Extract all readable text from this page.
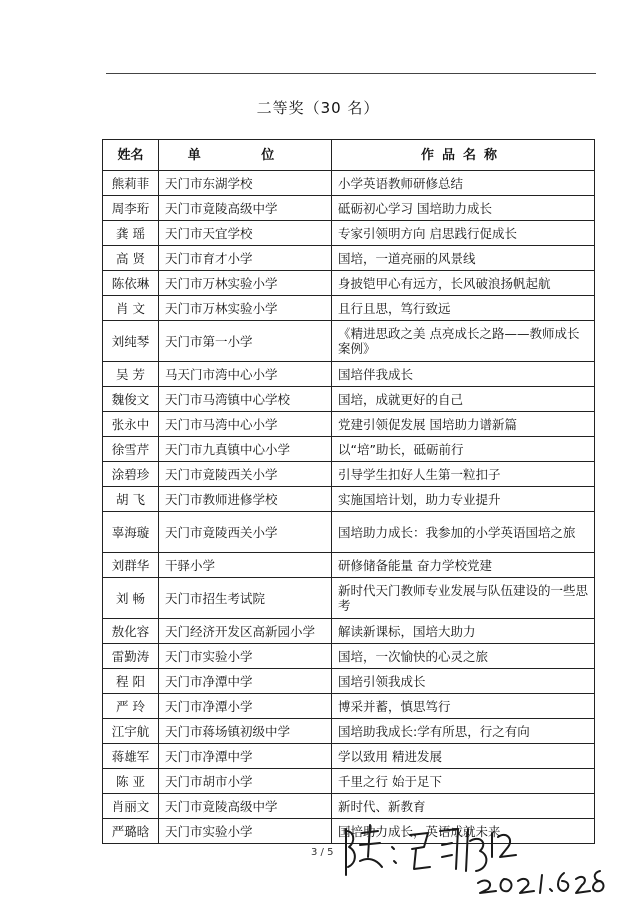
二等奖（30 名）
姓名	单 位	作品名称
熊莉菲	天门市东湖学校	小学英语教师研修总结
周李珩	天门市竟陵高级中学	砥砺初心学习 国培助力成长
龚 瑶	天门市天宜学校	专家引领明方向 启思践行促成长
高 贤	天门市育才小学	国培，一道亮丽的风景线
陈依琳	天门市万林实验小学	身披铠甲心有远方，长风破浪扬帆起航
肖 文	天门市万林实验小学	且行且思，笃行致远
刘纯琴	天门市第一小学	《精进思政之美 点亮成长之路——教师成长案例》
吴 芳	马天门市湾中心小学	国培伴我成长
魏俊文	天门市马湾镇中心学校	国培，成就更好的自己
张永中	天门市马湾中心小学	党建引领促发展 国培助力谱新篇
徐雪芹	天门市九真镇中心小学	以“培”助长，砥砺前行
涂碧珍	天门市竟陵西关小学	引导学生扣好人生第一粒扣子
胡 飞	天门市教师进修学校	实施国培计划，助力专业提升
辜海璇	天门市竟陵西关小学	国培助力成长：我参加的小学英语国培之旅
刘群华	干驿小学	研修储备能量 奋力学校党建
刘 畅	天门市招生考试院	新时代天门教师专业发展与队伍建设的一些思考
敖化容	天门经济开发区高新园小学	解读新课标，国培大助力
雷勤涛	天门市实验小学	国培，一次愉快的心灵之旅
程 阳	天门市净潭中学	国培引领我成长
严 玲	天门市净潭小学	博采并蓄，慎思笃行
江宇航	天门市蒋场镇初级中学	国培助我成长:学有所思，行之有向
蒋雄军	天门市净潭中学	学以致用 精进发展
陈 亚	天门市胡市小学	千里之行 始于足下
肖丽文	天门市竟陵高级中学	新时代、新教育
严璐晗	天门市实验小学	国培助力成长，英语成就未来
3 / 5
